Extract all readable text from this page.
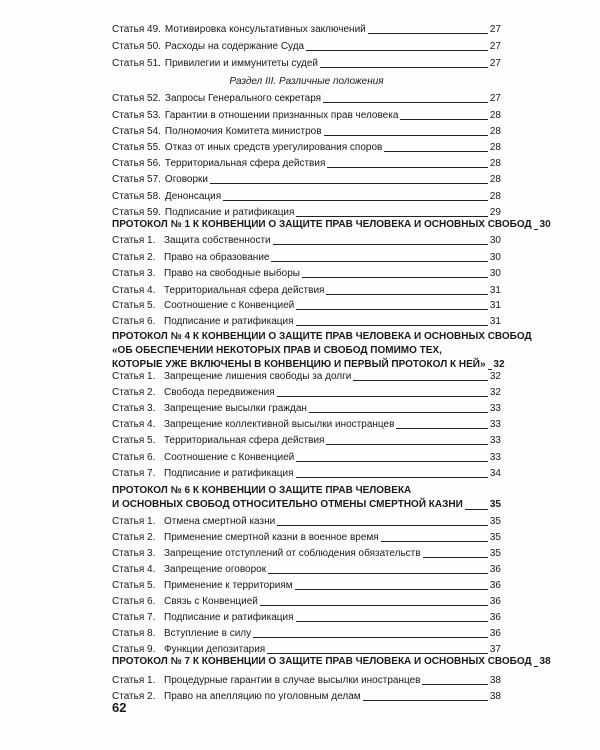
Статья 49. Мотивировка консультативных заключений	27
Статья 50. Расходы на содержание Суда	27
Статья 51. Привилегии и иммунитеты судей	27
Раздел III. Различные положения
Статья 52. Запросы Генерального секретаря	27
Статья 53. Гарантии в отношении признанных прав человека	28
Статья 54. Полномочия Комитета министров	28
Статья 55. Отказ от иных средств урегулирования споров	28
Статья 56. Территориальная сфера действия	28
Статья 57. Оговорки	28
Статья 58. Денонсация	28
Статья 59. Подписание и ратификация	29
ПРОТОКОЛ № 1 К КОНВЕНЦИИ О ЗАЩИТЕ ПРАВ ЧЕЛОВЕКА И ОСНОВНЫХ СВОБОД 30
Статья 1. Защита собственности	30
Статья 2. Право на образование	30
Статья 3. Право на свободные выборы	30
Статья 4. Территориальная сфера действия	31
Статья 5. Соотношение с Конвенцией	31
Статья 6. Подписание и ратификация	31
ПРОТОКОЛ № 4 К КОНВЕНЦИИ О ЗАЩИТЕ ПРАВ ЧЕЛОВЕКА И ОСНОВНЫХ СВОБОД
«ОБ ОБЕСПЕЧЕНИИ НЕКОТОРЫХ ПРАВ И СВОБОД ПОМИМО ТЕХ,
КОТОРЫЕ УЖЕ ВКЛЮЧЕНЫ В КОНВЕНЦИЮ И ПЕРВЫЙ ПРОТОКОЛ К НЕЙ» 32
Статья 1. Запрещение лишения свободы за долги	32
Статья 2. Свобода передвижения	32
Статья 3. Запрещение высылки граждан	33
Статья 4. Запрещение коллективной высылки иностранцев	33
Статья 5. Территориальная сфера действия	33
Статья 6. Соотношение с Конвенцией	33
Статья 7. Подписание и ратификация	34
ПРОТОКОЛ № 6 К КОНВЕНЦИИ О ЗАЩИТЕ ПРАВ ЧЕЛОВЕКА
И ОСНОВНЫХ СВОБОД ОТНОСИТЕЛЬНО ОТМЕНЫ СМЕРТНОЙ КАЗНИ	35
Статья 1. Отмена смертной казни	35
Статья 2. Применение смертной казни в военное время	35
Статья 3. Запрещение отступлений от соблюдения обязательств	35
Статья 4. Запрещение оговорок	36
Статья 5. Применение к территориям	36
Статья 6. Связь с Конвенцией	36
Статья 7. Подписание и ратификация	36
Статья 8. Вступление в силу	36
Статья 9. Функции депозитария	37
ПРОТОКОЛ № 7 К КОНВЕНЦИИ О ЗАЩИТЕ ПРАВ ЧЕЛОВЕКА И ОСНОВНЫХ СВОБОД 38
Статья 1. Процедурные гарантии в случае высылки иностранцев	38
Статья 2. Право на апелляцию по уголовным делам	38
62
